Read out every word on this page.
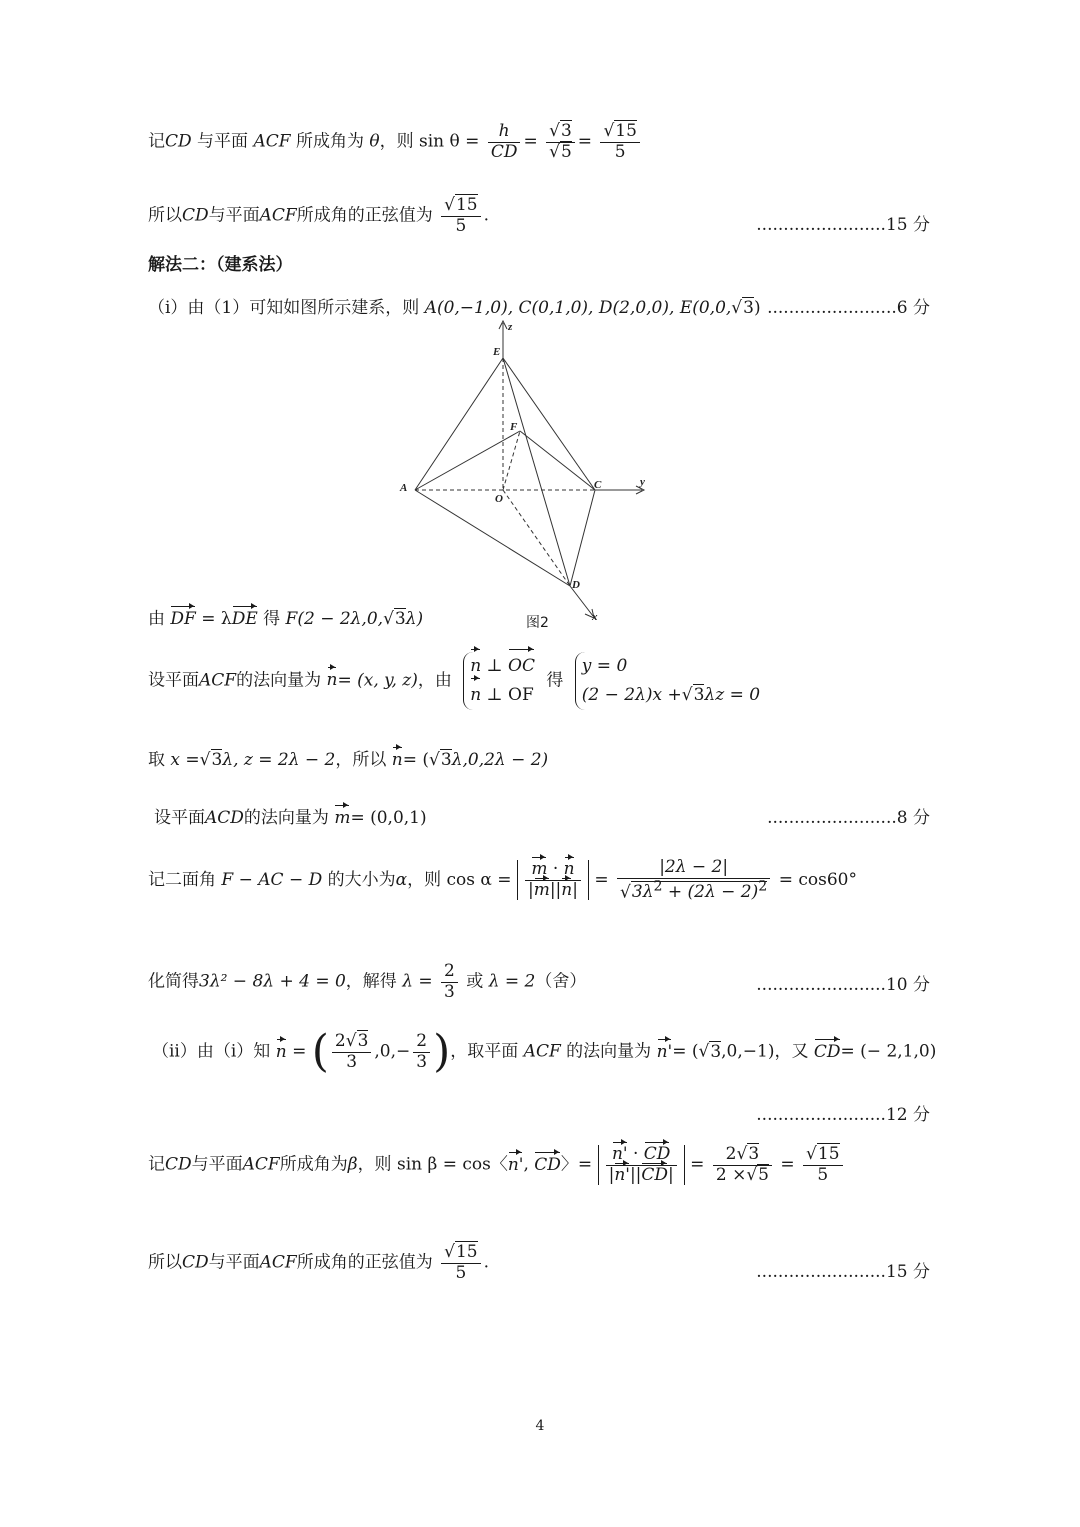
记CD 与平面 ACF 所成角为 θ，则 $\sin \theta = \frac{h}{CD} = \frac{√3}{√5} = \frac{√15}{5}$
所以CD与平面ACF所成角的正弦值为 $\frac{√15}{5}$ .	........................15 分
解法二：（建系法）
（i）由（1）可知如图所示建系，则 A(0,−1,0), C(0,1,0), D(2,0,0), E(0,0,√3) ........................6 分
E
F
A
O
C
D
z
y
x
图2
由 DF = λDE 得 F(2 − 2λ,0,√3λ)
设平面ACF的法向量为 n= (x, y, z)，由
n ⊥ OC
n ⊥ OF
得
y = 0
(2 − 2λ)x +√3λz = 0
取 x =√3λ, z = 2λ − 2，所以 n= (√3λ,0,2λ − 2)
设平面ACD的法向量为 m= (0,0,1)	........................8 分
记二面角 F − AC − D 的大小为α，则 $\cos \alpha = \frac{m \cdot n}{|m||n|} = \frac{|2\lambda - 2|}{√3\lambda^2 + (2\lambda - 2)^2} = \cos 60^\circ$
化简得3λ² − 8λ + 4 = 0，解得 $\lambda = \frac{2}{3}$ 或 λ = 2（舍）	........................10 分
（ii）由（i）知 n = ( $\frac{2√3}{3} ,0,- \frac{2}{3}$ )，取平面 ACF 的法向量为 n'= (√3,0,−1)，又 CD= (− 2,1,0)
........................12 分
记CD与平面ACF所成角为β，则 sin β = cos〈n', CD〉= $\frac{n' \cdot CD}{|n'||CD|} = \frac{2√3}{2 \times√5} = \frac{√15}{5}$
所以CD与平面ACF所成角的正弦值为 $\frac{√15}{5}$ .	........................15 分
4
